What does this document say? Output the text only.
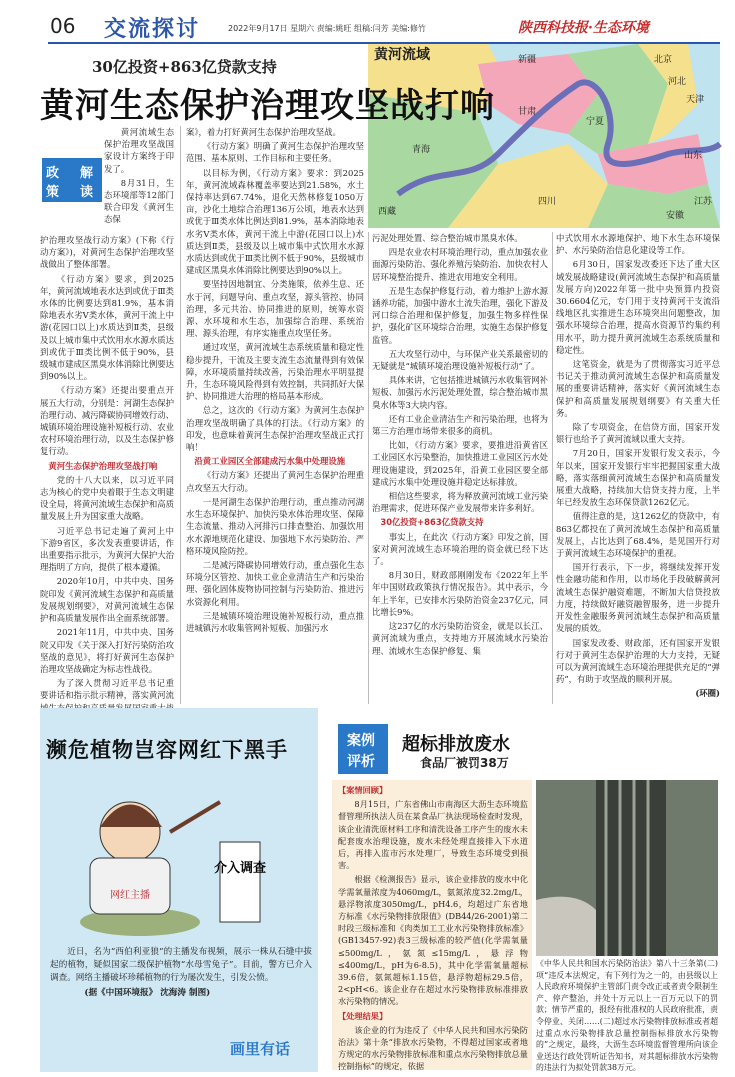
06 交流探讨	2022年9月17日 星期六 责编:姚旺 组稿:闫芳 美编:修竹	陕西科技报·生态环境
黄河流域	新疆
甘肃
宁夏
青海
四川
西藏
河北
北京
天津
山东
江苏
安徽
30亿投资+863亿贷款支持
黄河生态保护治理攻坚战打响
政
策
解
读

黄河流域生态保护治理攻坚战国家设计方案终于印发了。

8月31日，生态环境部等12部门联合印发《黄河生态保

护治理攻坚战行动方案》(下称《行动方案》)，对黄河生态保护治理攻坚战做出了整体部署。

《行动方案》要求，到2025年，黄河流域地表水达到或优于Ⅲ类水体的比例要达到81.9%，基本消除地表水劣Ⅴ类水体，黄河干流上中游(花园口以上)水质达到Ⅱ类，县级及以上城市集中式饮用水水源水质达到或优于Ⅲ类比例不低于90%，县级城市建成区黑臭水体消除比例要达到90%以上。

《行动方案》还提出要重点开展五大行动，分别是：河湖生态保护治理行动、减污降碳协同增效行动、城镇环境治理设施补短板行动、农业农村环境治理行动，以及生态保护修复行动。

黄河生态保护治理攻坚战打响

党的十八大以来，以习近平同志为核心的党中央着眼于生态文明建设全局，将黄河流域生态保护和高质量发展上升为国家重大战略。

习近平总书记走遍了黄河上中下游9省区，多次发表重要讲话，作出重要指示批示，为黄河大保护大治理指明了方向，提供了根本遵循。

2020年10月，中共中央、国务院印发《黄河流域生态保护和高质量发展规划纲要》，对黄河流域生态保护和高质量发展作出全面系统部署。

2021年11月，中共中央、国务院又印发《关于深入打好污染防治攻坚战的意见》，将打好黄河生态保护治理攻坚战确定为标志性战役。

为了深入贯彻习近平总书记重要讲话和指示批示精神，落实黄河流

案》，着力打好黄河生态保护治理攻坚战。

《行动方案》明确了黄河生态保护治理攻坚范围、基本原则、工作目标和主要任务。

以目标为例，《行动方案》要求：到2025年，黄河流域森林覆盖率要达到21.58%，水土保持率达到67.74%，退化天然林修复1050万亩，沙化土地综合治理136万公顷，地表水达到或优于Ⅲ类水体比例达到81.9%，基本消除地表水劣Ⅴ类水体，黄河干流上中游(花园口以上)水质达到Ⅱ类，县级及以上城市集中式饮用水水源水质达到或优于Ⅲ类比例不低于90%，县级城市建成区黑臭水体消除比例要达到90%以上。

要坚持因地制宜、分类施策，依养生息、还水于河，问题导向、重点攻坚，源头管控、协同治理，多元共治、协同推进的原则，统筹水资源、水环境和水生态，加强综合治理、系统治理、源头治理，有序实施重点攻坚任务。

通过攻坚，黄河流域生态系统质量和稳定性稳步提升，干流及主要支流生态流量得到有效保障，水环境质量持续改善，污染治理水平明显提升，生态环境风险得到有效控制，共同抓好大保护、协同推进大治理的格局基本形成。

总之，这次的《行动方案》为黄河生态保护治理攻坚战明确了具体的打法。《行动方案》的印发，也意味着黄河生态保护治理攻坚战正式打响！

沿黄工业园区全部建成污水集中处理设施

《行动方案》还提出了黄河生态保护治理重点攻坚五大行动。

一是河湖生态保护治理行动，重点推动河湖水生态环境保护、加快污染水体治理攻坚、保障生态流量、推动入河排污口排查整治、加强饮用水水源地规范化建设、加强地下水污染防治、严格环境风险防控。

二是减污降碳协同增效行动，重点强化生态环境分区管控、加快工业企业清洁生产和污染治理、强化固体废物协同控制与污染防治、推进污水资源化利用。

三是城镇环境治理设施补短板行动，重点推进城镇污水收集管网补短板、加强污水

污泥处理处置、综合整治城市黑臭水体。

四是农业农村环境治理行动，重点加强农业面源污染防治、强化养殖污染防治、加快农村人居环境整治提升、推进农用地安全利用。

五是生态保护修复行动，着力维护上游水源涵养功能，加强中游水土流失治理，强化下游及河口综合治理和保护修复，加强生物多样性保护，强化矿区环境综合治理，实施生态保护修复监管。

五大攻坚行动中，与环保产业关系最密切的无疑就是“城镇环境治理设施补短板行动”了。

具体来讲，它包括推进城镇污水收集管网补短板、加强污水污泥处理处置，综合整治城市黑臭水体等3大块内容。

还有工业企业清洁生产和污染治理，也将为第三方治理市场带来很多的商机。

比如，《行动方案》要求，要推进沿黄省区工业园区水污染整治，加快推进工业园区污水处理设施建设，到2025年，沿黄工业园区要全部建成污水集中处理设施并稳定达标排放。

相信这些要求，将为释放黄河流域工业污染治理需求，促进环保产业发展带来许多利好。

30亿投资+863亿贷款支持

事实上，在此次《行动方案》印发之前，国家对黄河流域生态环境治理的资金就已经下达了。

8月30日，财政部刚刚发布《2022年上半年中国财政政策执行情况报告》。其中表示，今年上半年，已安排水污染防治资金237亿元，同比增长9%。

这237亿的水污染防治资金，就是以长江、黄河流域为重点，支持地方开展流域水污染治理、流域水生态保护修复、集

中式饮用水水源地保护、地下水生态环境保护、水污染防治信息化建设等工作。

6月30日，国家发改委还下达了重大区域发展战略建设(黄河流域生态保护和高质量发展方向)2022年第一批中央预算内投资30.6604亿元，专门用于支持黄河干支流沿线地区扎实推进生态环境突出问题整改，加强水环境综合治理，提高水资源节约集约利用水平，助力提升黄河流域生态系统质量和稳定性。

这笔资金，就是为了贯彻落实习近平总书记关于推动黄河流域生态保护和高质量发展的重要讲话精神，落实好《黄河流域生态保护和高质量发展规划纲要》有关重大任务。

除了专项资金，在信贷方面，国家开发银行也给予了黄河流域以重大支持。

7月20日，国家开发银行发文表示，今年以来，国家开发银行牢牢把握国家重大战略，落实落细黄河流域生态保护和高质量发展重大战略，持续加大信贷支持力度，上半年已经发放生态环保贷款1262亿元。

值得注意的是，这1262亿的贷款中，有863亿都投在了黄河流域生态保护和高质量发展上，占比达到了68.4%，是见国开行对于黄河流域生态环境保护的重视。

国开行表示，下一步，将继续发挥开发性金融功能和作用，以市场化手段破解黄河流域生态保护融资难题，不断加大信贷投放力度，持续做好融资融智服务，进一步提升开发性金融服务黄河流域生态保护和高质量发展的质效。

国家发改委、财政部，还有国家开发银行对于黄河生态保护治理的大力支持，无疑可以为黄河流域生态环境治理提供充足的“弹药”，有助于攻坚战的顺利开展。

(环圈)

濒危植物岂容网红下黑手
介入调查
网红主播

近日，名为“西伯利亚狼”的主播发布视频，展示一株从石缝中拔起的植物，疑似国家二级保护植物“水母雪兔子”。目前，警方已介入调查。网络主播破坏珍稀植物的行为屡次发生，引发公愤。

(据《中国环境报》 沈海涛 制图)

画里有话
案例
评析
超标排放废水
食品厂被罚38万

【案情回顾】

8月15日，广东省佛山市南海区大沥生态环境监督管理所执法人员在某食品厂执法现场检查时发现，该企业清洗原材料工序和清洗设备工序产生的废水未配套废水治理设施，废水未经处理直接排入下水道后，再排入监市污水处理厂，导致生态环境受到损害。

根据《检测报告》显示，该企业排放的废水中化学需氧量浓度为4060mg/L，氨氮浓度32.2mg/L，悬浮物浓度3050mg/L，pH4.6，均超过广东省地方标准《水污染物排放限值》(DB44/26-2001)第二时段三级标准和《肉类加工工业水污染物排放标准》(GB13457-92)表3三级标准的较严值(化学需氧量≤500mg/L，氨氮≤15mg/L，悬浮物≤400mg/L，pH为6-8.5)，其中化学需氧量超标39.6倍，氨氮超标1.15倍，悬浮物超标29.5倍，2<pH<6。该企业存在超过水污染物排放标准排放水污染物的情况。

【处理结果】

该企业的行为违反了《中华人民共和国水污染防治法》第十条“排放水污染物，不得超过国家或者地方规定的水污染物排放标准和重点水污染物排放总量控制指标”的规定，依据

《中华人民共和国水污染防治法》第八十三条第(二)项“违反本法规定，有下列行为之一的，由县级以上人民政府环境保护主管部门责令改正或者责令限制生产、停产整治，并处十万元以上一百万元以下的罚款；情节严重的，报经有批准权的人民政府批准，责令停业、关闭……(二)超过水污染物排放标准或者超过重点水污染物排放总量控制指标排放水污染物的”之规定，最终，大沥生态环境监督管理所向该企业送达行政处罚听证告知书，对其超标排放水污染物的违法行为拟处罚款38万元。
